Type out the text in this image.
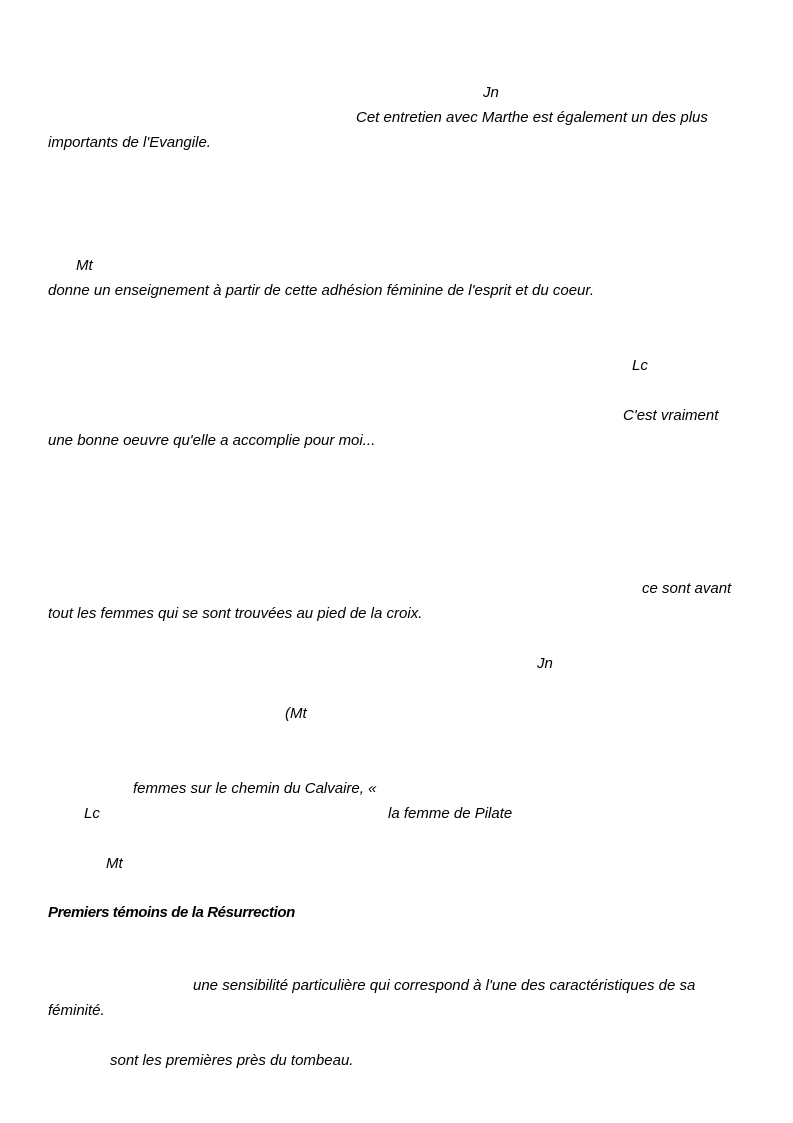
Jn
Cet entretien avec Marthe est également un des plus
importants de l'Evangile.
Mt
donne un enseignement à partir de cette adhésion féminine de l'esprit et du coeur.
Lc
C'est vraiment
une bonne oeuvre qu'elle a accomplie pour moi...
ce sont avant
tout les femmes qui se sont trouvées au pied de la croix.
Jn
(Mt
femmes sur le chemin du Calvaire, «
Lc	la femme de Pilate
Mt
Premiers témoins de la Résurrection
une sensibilité particulière qui correspond à l'une des caractéristiques de sa
féminité.
sont les premières près du tombeau.
